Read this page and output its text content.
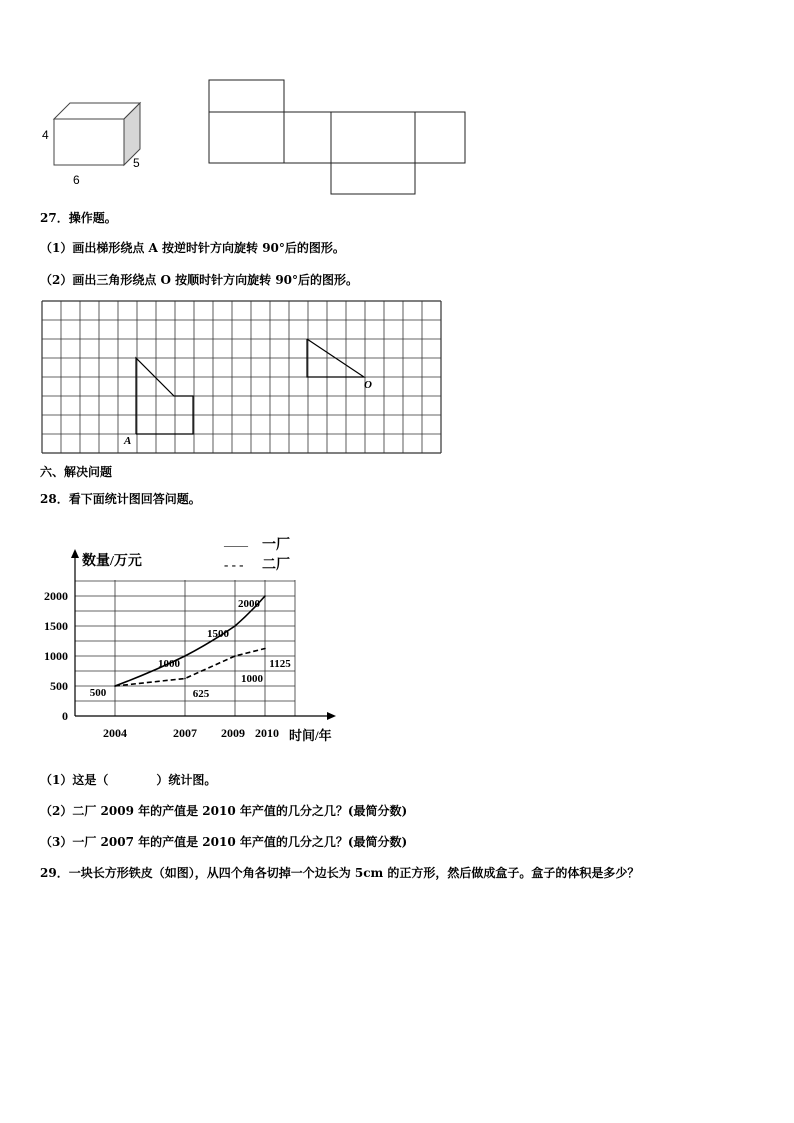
4
5
6
27．操作题。
（1）画出梯形绕点 A 按逆时针方向旋转 90°后的图形。
（2）画出三角形绕点 O 按顺时针方向旋转 90°后的图形。
A
O
六、解决问题
28．看下面统计图回答问题。
500
1000
1500
2000
625
1000
1125
0
500
1000
1500
2000
2004	2007 2009 2010
数量/万元
时间/年
—— 一厂
- - - 二厂
（1）这是（　　　　）统计图。
（2）二厂 2009 年的产值是 2010 年产值的几分之几？(最简分数)
（3）一厂 2007 年的产值是 2010 年产值的几分之几？(最简分数)
29．一块长方形铁皮（如图），从四个角各切掉一个边长为 5cm 的正方形，然后做成盒子。盒子的体积是多少？
